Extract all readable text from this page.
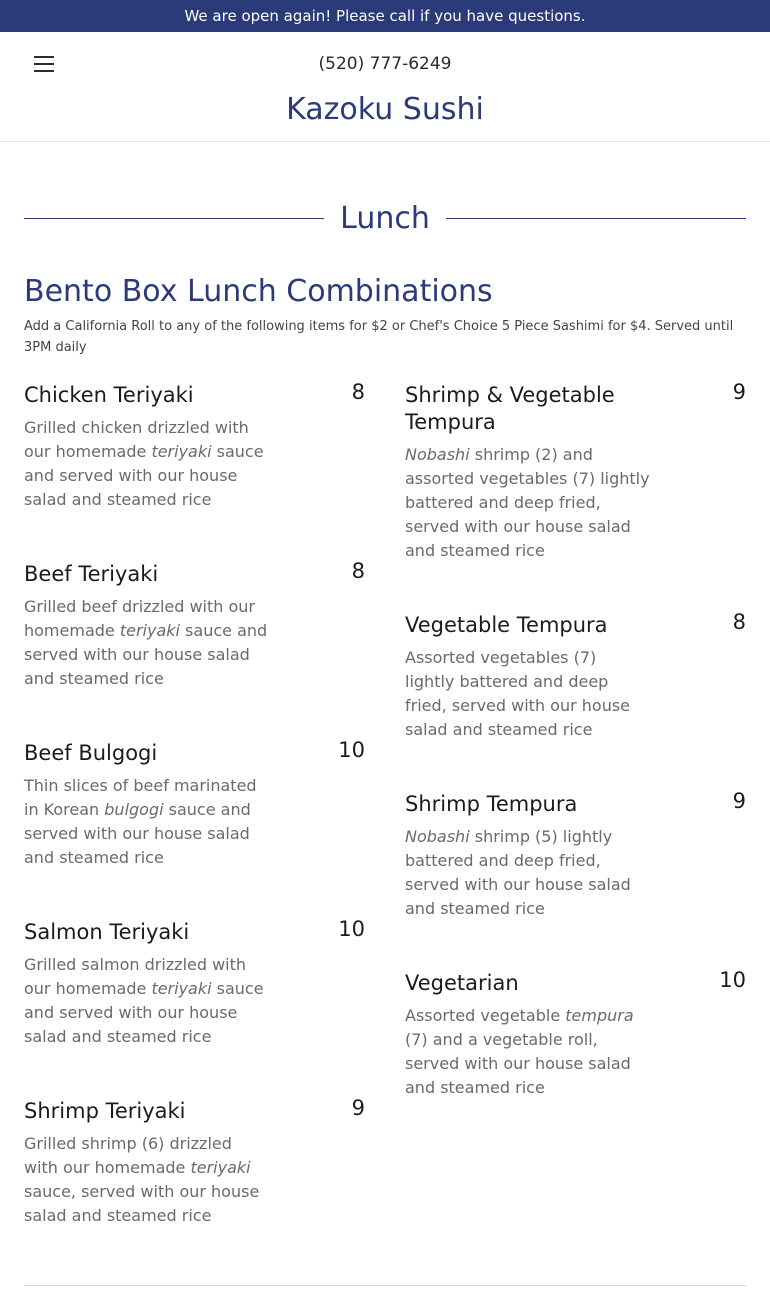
We are open again! Please call if you have questions.
(520) 777-6249
Kazoku Sushi
Lunch
Bento Box Lunch Combinations
Add a California Roll to any of the following items for $2 or Chef's Choice 5 Piece Sashimi for $4. Served until 3PM daily
Chicken Teriyaki	8
Grilled chicken drizzled with our homemade teriyaki sauce and served with our house salad and steamed rice
Beef Teriyaki	8
Grilled beef drizzled with our homemade teriyaki sauce and served with our house salad and steamed rice
Beef Bulgogi	10
Thin slices of beef marinated in Korean bulgogi sauce and served with our house salad and steamed rice
Salmon Teriyaki	10
Grilled salmon drizzled with our homemade teriyaki sauce and served with our house salad and steamed rice
Shrimp Teriyaki	9
Grilled shrimp (6) drizzled with our homemade teriyaki sauce, served with our house salad and steamed rice
Shrimp & Vegetable Tempura
9
Nobashi shrimp (2) and assorted vegetables (7) lightly battered and deep fried, served with our house salad and steamed rice
Vegetable Tempura	8
Assorted vegetables (7) lightly battered and deep fried, served with our house salad and steamed rice
Shrimp Tempura	9
Nobashi shrimp (5) lightly battered and deep fried, served with our house salad and steamed rice
Vegetarian	10
Assorted vegetable tempura (7) and a vegetable roll, served with our house salad and steamed rice
